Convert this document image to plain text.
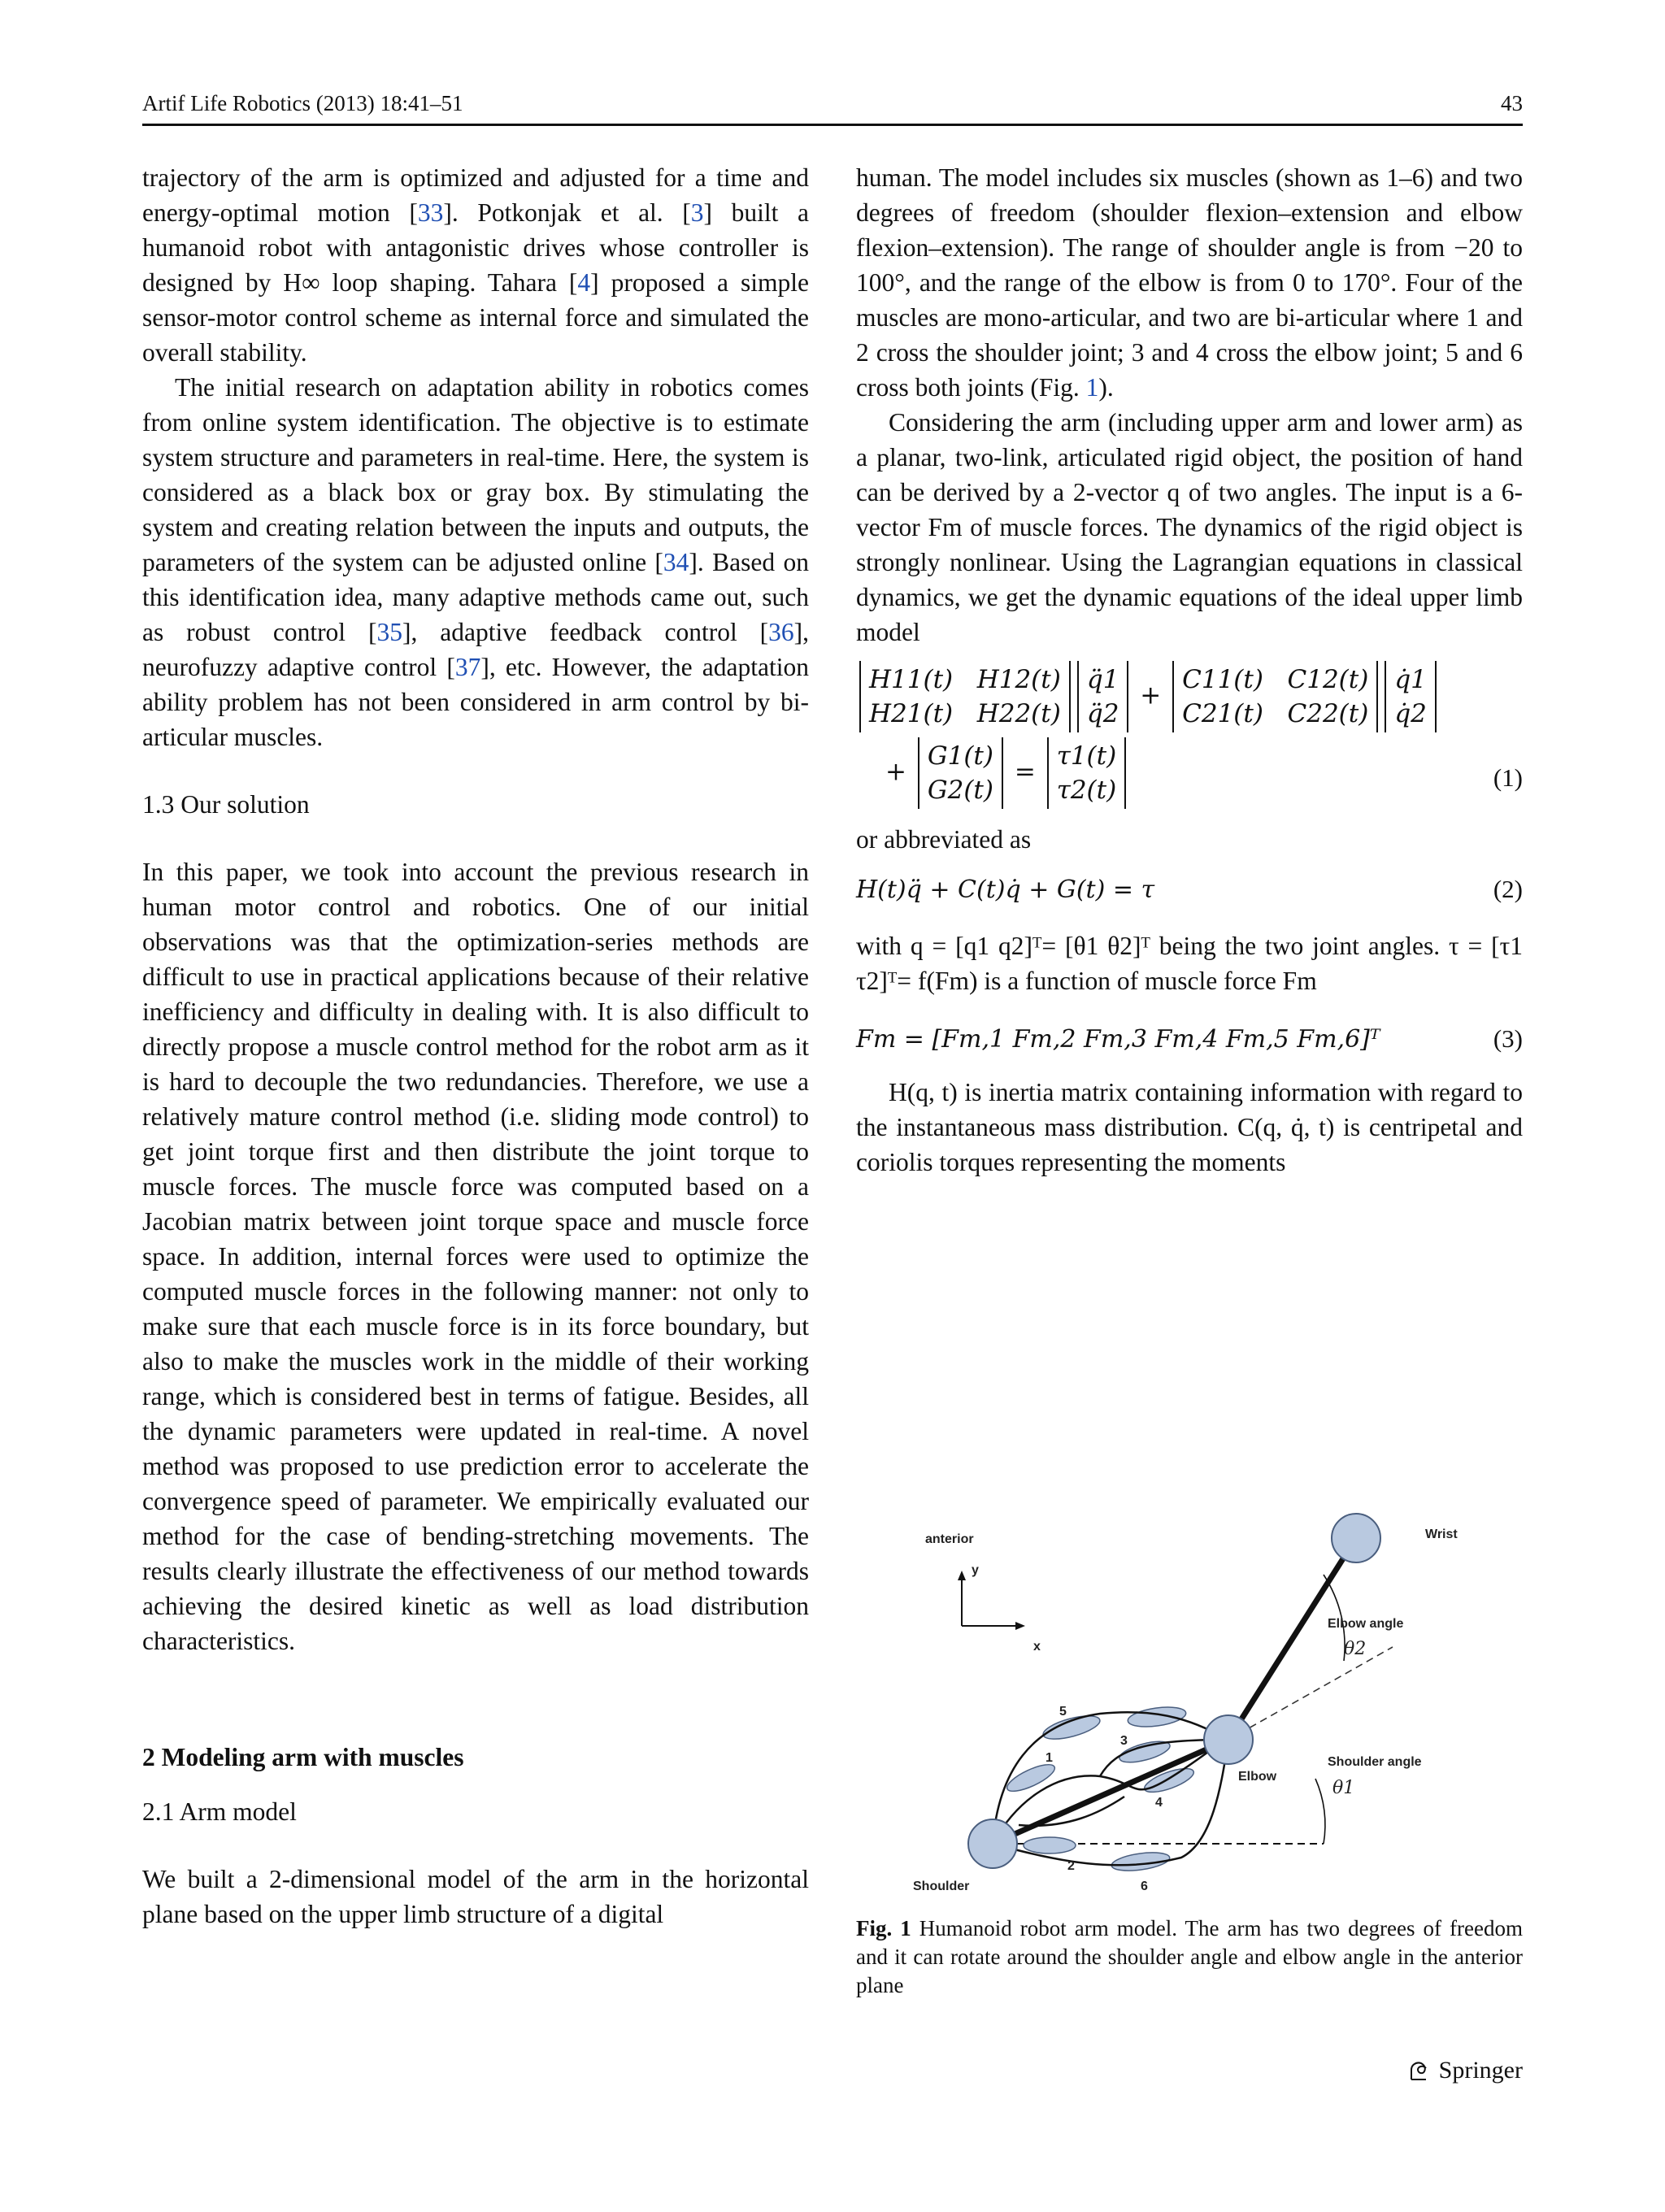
Artif Life Robotics (2013) 18:41–51	43

trajectory of the arm is optimized and adjusted for a time and energy-optimal motion [33]. Potkonjak et al. [3] built a humanoid robot with antagonistic drives whose controller is designed by H∞ loop shaping. Tahara [4] proposed a simple sensor-motor control scheme as internal force and simulated the overall stability.

The initial research on adaptation ability in robotics comes from online system identification. The objective is to estimate system structure and parameters in real-time. Here, the system is considered as a black box or gray box. By stimulating the system and creating relation between the inputs and outputs, the parameters of the system can be adjusted online [34]. Based on this identification idea, many adaptive methods came out, such as robust control [35], adaptive feedback control [36], neurofuzzy adaptive control [37], etc. However, the adaptation ability problem has not been considered in arm control by bi-articular muscles.

1.3 Our solution

In this paper, we took into account the previous research in human motor control and robotics. One of our initial observations was that the optimization-series methods are difficult to use in practical applications because of their relative inefficiency and difficulty in dealing with. It is also difficult to directly propose a muscle control method for the robot arm as it is hard to decouple the two redundancies. Therefore, we use a relatively mature control method (i.e. sliding mode control) to get joint torque first and then distribute the joint torque to muscle forces. The muscle force was computed based on a Jacobian matrix between joint torque space and muscle force space. In addition, internal forces were used to optimize the computed muscle forces in the following manner: not only to make sure that each muscle force is in its force boundary, but also to make the muscles work in the middle of their working range, which is considered best in terms of fatigue. Besides, all the dynamic parameters were updated in real-time. A novel method was proposed to use prediction error to accelerate the convergence speed of parameter. We empirically evaluated our method for the case of bending-stretching movements. The results clearly illustrate the effectiveness of our method towards achieving the desired kinetic as well as load distribution characteristics.

2 Modeling arm with muscles
2.1 Arm model

We built a 2-dimensional model of the arm in the horizontal plane based on the upper limb structure of a digital

human. The model includes six muscles (shown as 1–6) and two degrees of freedom (shoulder flexion–extension and elbow flexion–extension). The range of shoulder angle is from −20 to 100°, and the range of the elbow is from 0 to 170°. Four of the muscles are mono-articular, and two are bi-articular where 1 and 2 cross the shoulder joint; 3 and 4 cross the elbow joint; 5 and 6 cross both joints (Fig. 1).

Considering the arm (including upper arm and lower arm) as a planar, two-link, articulated rigid object, the position of hand can be derived by a 2-vector q of two angles. The input is a 6-vector Fm of muscle forces. The dynamics of the rigid object is strongly nonlinear. Using the Lagrangian equations in classical dynamics, we get the dynamic equations of the ideal upper limb model

H11(t) H12(t)
H21(t) H22(t)
q̈1
q̈2
+
C11(t) C12(t)
C21(t) C22(t)
q̇1
q̇2
+
G1(t)
G2(t)
=
τ1(t)
τ2(t)	(1)

or abbreviated as

H(t)q̈ + C(t)q̇ + G(t) = τ	(2)

with q = [q1 q2]ᵀ= [θ1 θ2]ᵀ being the two joint angles. τ = [τ1 τ2]ᵀ= f(Fm) is a function of muscle force Fm

Fm = [Fm,1 Fm,2 Fm,3 Fm,4 Fm,5 Fm,6]ᵀ	(3)

H(q, t) is inertia matrix containing information with regard to the instantaneous mass distribution. C(q, q̇, t) is centripetal and coriolis torques representing the moments

anterior
y
x
Wrist
Elbow angle
θ2
Shoulder angle
θ1
Elbow
Shoulder
5
1
3
4
2
6
Fig. 1 Humanoid robot arm model. The arm has two degrees of freedom and it can rotate around the shoulder angle and elbow angle in the anterior plane
Springer
